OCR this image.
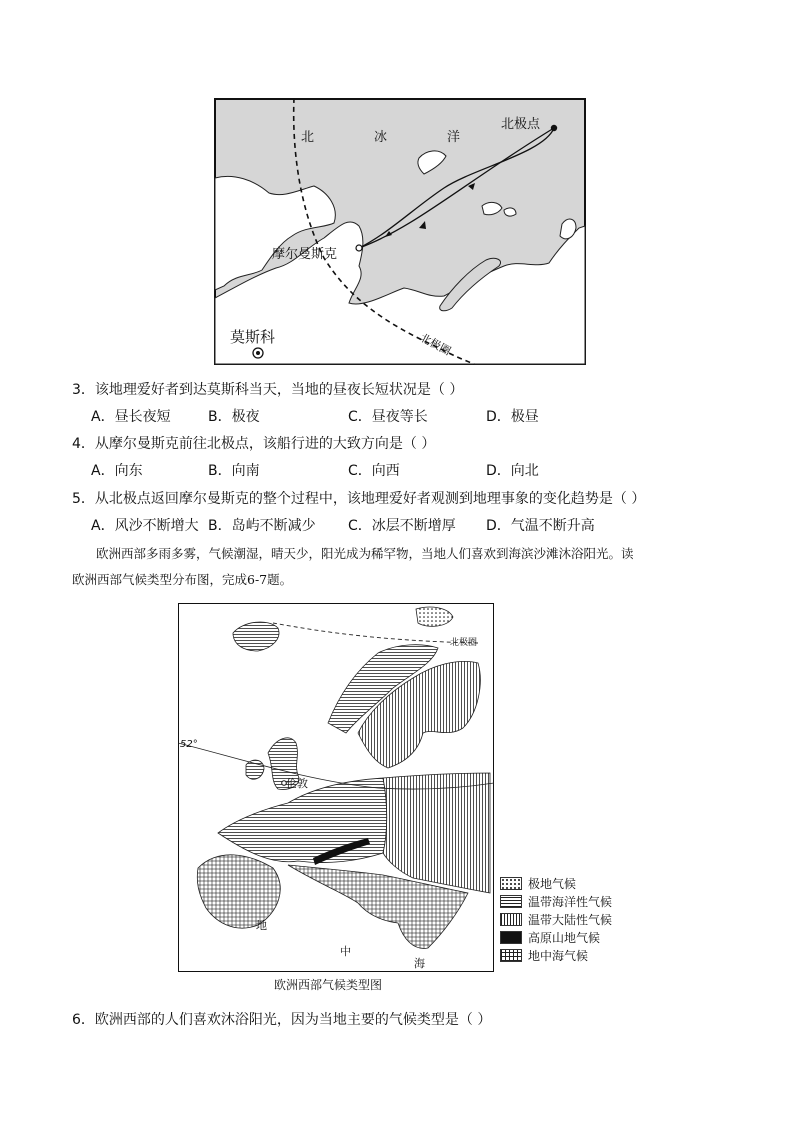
北	冰	洋
北极点
摩尔曼斯克
莫斯科	北极圈
3．该地理爱好者到达莫斯科当天，当地的昼夜长短状况是（ ）
A．昼长夜短	B．极夜	C．昼夜等长	D．极昼
4．从摩尔曼斯克前往北极点，该船行进的大致方向是（ ）
A．向东	B．向南	C．向西	D．向北
5．从北极点返回摩尔曼斯克的整个过程中，该地理爱好者观测到地理事象的变化趋势是（ ）
A．风沙不断增大 B．岛屿不断减少 C．冰层不断增厚 D．气温不断升高
欧洲西部多雨多雾，气候潮湿，晴天少，阳光成为稀罕物，当地人们喜欢到海滨沙滩沐浴阳光。读
欧洲西部气候类型分布图，完成6-7题。
伦敦
52°
北极圈
地
中
海
极地气候
温带海洋性气候
温带大陆性气候
高原山地气候
地中海气候
欧洲西部气候类型图
6．欧洲西部的人们喜欢沐浴阳光，因为当地主要的气候类型是（ ）
